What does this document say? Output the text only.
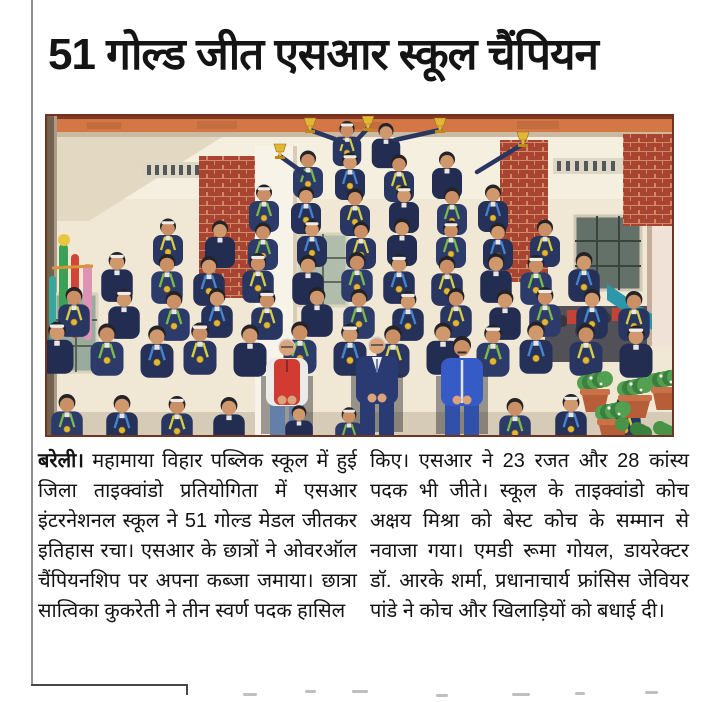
51 गोल्ड जीत एसआर स्कूल चैंपियन
बरेली। महामाया विहार पब्लिक स्कूल में हुई जिला ताइक्वांडो प्रतियोगिता में एसआर इंटरनेशनल स्कूल ने 51 गोल्ड मेडल जीतकर इतिहास रचा। एसआर के छात्रों ने ओवरऑल चैंपियनशिप पर अपना कब्जा जमाया। छात्रा सात्विका कुकरेती ने तीन स्वर्ण पदक हासिल
किए। एसआर ने 23 रजत और 28 कांस्य पदक भी जीते। स्कूल के ताइक्वांडो कोच अक्षय मिश्रा को बेस्ट कोच के सम्मान से नवाजा गया। एमडी रूमा गोयल, डायरेक्टर डॉ. आरके शर्मा, प्रधानाचार्य फ्रांसिस जेवियर पांडे ने कोच और खिलाड़ियों को बधाई दी।
